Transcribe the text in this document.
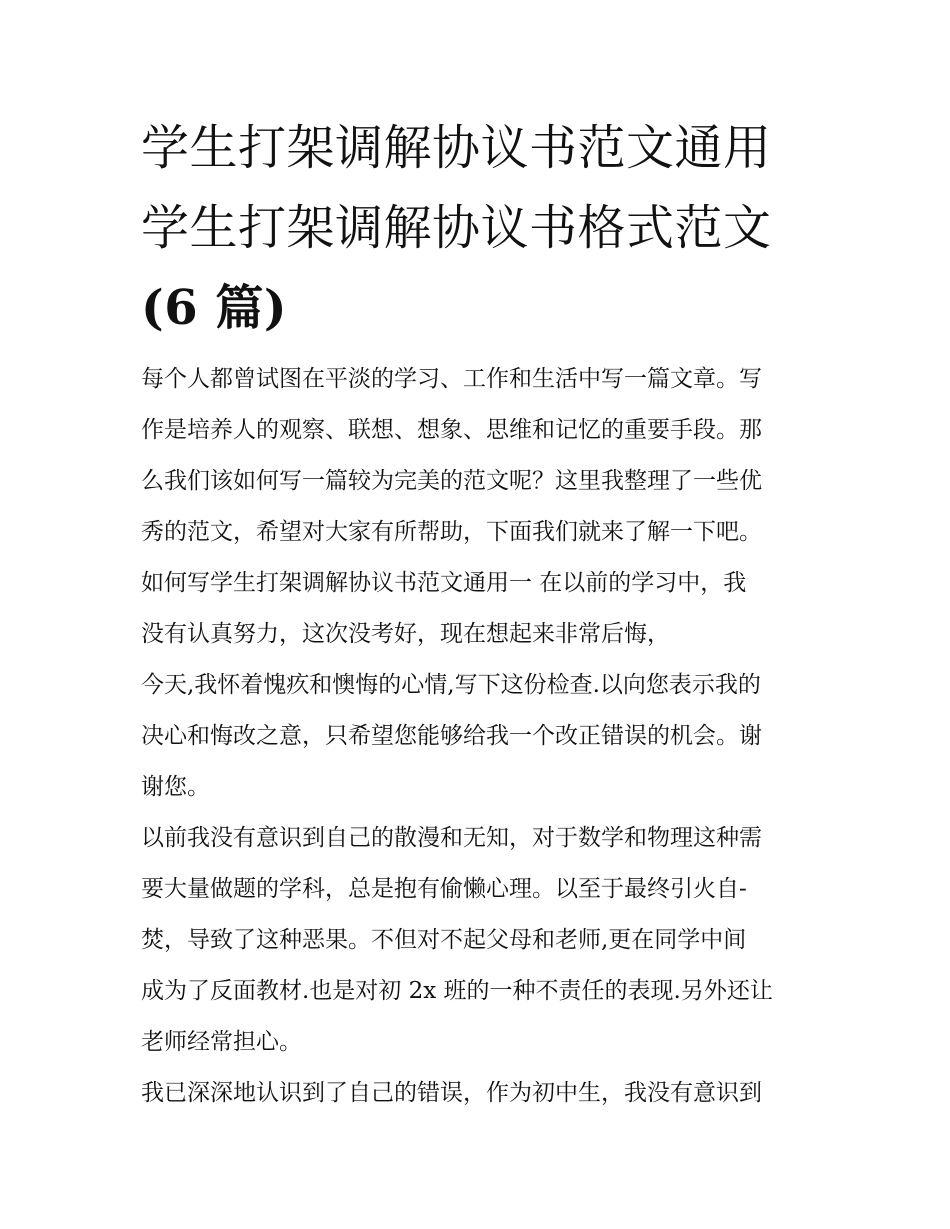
学生打架调解协议书范文通用
学生打架调解协议书格式范文
(6 篇)
每个人都曾试图在平淡的学习、工作和生活中写一篇文章。写
作是培养人的观察、联想、想象、思维和记忆的重要手段。那
么我们该如何写一篇较为完美的范文呢？这里我整理了一些优
秀的范文，希望对大家有所帮助，下面我们就来了解一下吧。
如何写学生打架调解协议书范文通用一 在以前的学习中，我
没有认真努力，这次没考好，现在想起来非常后悔，
今天,我怀着愧疚和懊悔的心情,写下这份检查.以向您表示我的
决心和悔改之意，只希望您能够给我一个改正错误的机会。谢
谢您。
以前我没有意识到自己的散漫和无知，对于数学和物理这种需
要大量做题的学科，总是抱有偷懒心理。以至于最终引火自-
焚，导致了这种恶果。不但对不起父母和老师,更在同学中间
成为了反面教材.也是对初 2x 班的一种不责任的表现.另外还让
老师经常担心。
我已深深地认识到了自己的错误，作为初中生，我没有意识到
